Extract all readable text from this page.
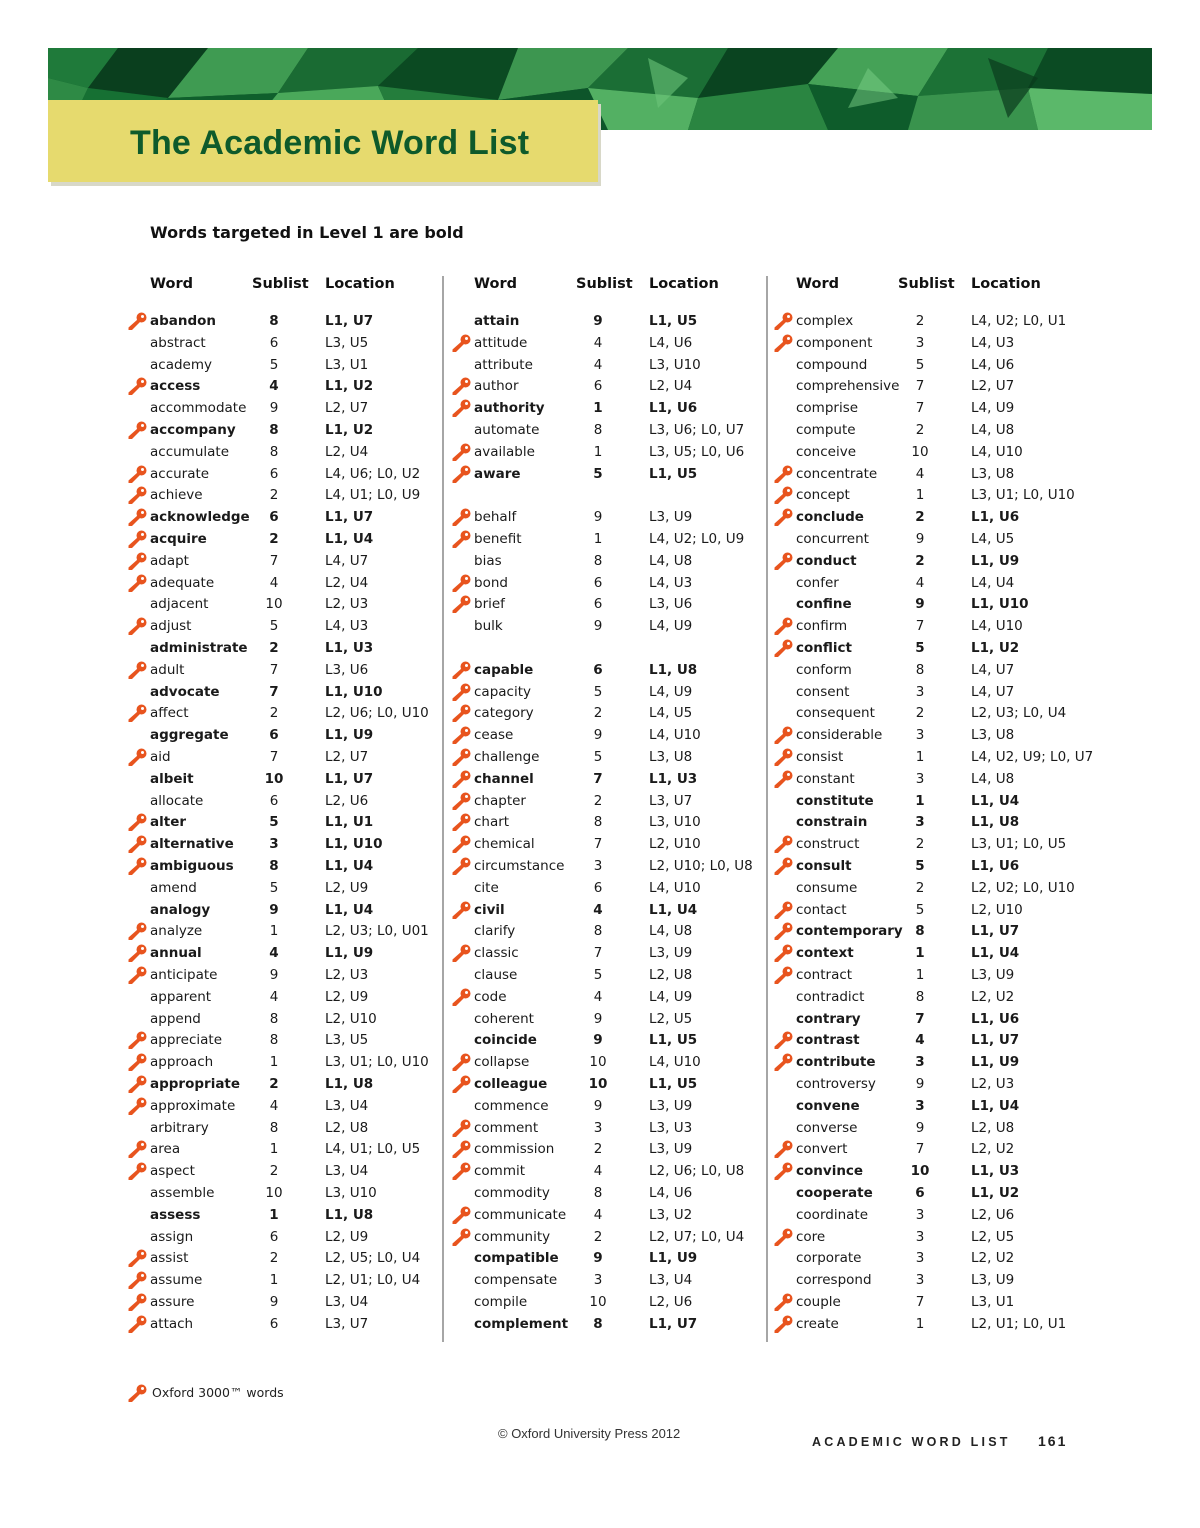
The Academic Word List
Words targeted in Level 1 are bold
Word	Sublist Location
abandon	8	L1, U7
abstract	6	L3, U5
academy	5	L3, U1
access	4	L1, U2
accommodate	9	L2, U7
accompany	8	L1, U2
accumulate	8	L2, U4
accurate	6	L4, U6; L0, U2
achieve	2	L4, U1; L0, U9
acknowledge	6	L1, U7
acquire	2	L1, U4
adapt	7	L4, U7
adequate	4	L2, U4
adjacent	10	L2, U3
adjust	5	L4, U3
administrate	2	L1, U3
adult	7	L3, U6
advocate	7	L1, U10
affect	2	L2, U6; L0, U10
aggregate	6	L1, U9
aid	7	L2, U7
albeit	10	L1, U7
allocate	6	L2, U6
alter	5	L1, U1
alternative	3	L1, U10
ambiguous	8	L1, U4
amend	5	L2, U9
analogy	9	L1, U4
analyze	1	L2, U3; L0, U01
annual	4	L1, U9
anticipate	9	L2, U3
apparent	4	L2, U9
append	8	L2, U10
appreciate	8	L3, U5
approach	1	L3, U1; L0, U10
appropriate	2	L1, U8
approximate	4	L3, U4
arbitrary	8	L2, U8
area	1	L4, U1; L0, U5
aspect	2	L3, U4
assemble	10	L3, U10
assess	1	L1, U8
assign	6	L2, U9
assist	2	L2, U5; L0, U4
assume	1	L2, U1; L0, U4
assure	9	L3, U4
attach	6	L3, U7
Word	Sublist Location
attain	9	L1, U5
attitude	4	L4, U6
attribute	4	L3, U10
author	6	L2, U4
authority	1	L1, U6
automate	8	L3, U6; L0, U7
available	1	L3, U5; L0, U6
aware	5	L1, U5
behalf	9	L3, U9
benefit	1	L4, U2; L0, U9
bias	8	L4, U8
bond	6	L4, U3
brief	6	L3, U6
bulk	9	L4, U9
capable	6	L1, U8
capacity	5	L4, U9
category	2	L4, U5
cease	9	L4, U10
challenge	5	L3, U8
channel	7	L1, U3
chapter	2	L3, U7
chart	8	L3, U10
chemical	7	L2, U10
circumstance	3	L2, U10; L0, U8
cite	6	L4, U10
civil	4	L1, U4
clarify	8	L4, U8
classic	7	L3, U9
clause	5	L2, U8
code	4	L4, U9
coherent	9	L2, U5
coincide	9	L1, U5
collapse	10	L4, U10
colleague	10	L1, U5
commence	9	L3, U9
comment	3	L3, U3
commission	2	L3, U9
commit	4	L2, U6; L0, U8
commodity	8	L4, U6
communicate	4	L3, U2
community	2	L2, U7; L0, U4
compatible	9	L1, U9
compensate	3	L3, U4
compile	10	L2, U6
complement	8	L1, U7
Word	Sublist Location
complex	2	L4, U2; L0, U1
component	3	L4, U3
compound	5	L4, U6
comprehensive	7	L2, U7
comprise	7	L4, U9
compute	2	L4, U8
conceive	10	L4, U10
concentrate	4	L3, U8
concept	1	L3, U1; L0, U10
conclude	2	L1, U6
concurrent	9	L4, U5
conduct	2	L1, U9
confer	4	L4, U4
confine	9	L1, U10
confirm	7	L4, U10
conflict	5	L1, U2
conform	8	L4, U7
consent	3	L4, U7
consequent	2	L2, U3; L0, U4
considerable	3	L3, U8
consist	1	L4, U2, U9; L0, U7
constant	3	L4, U8
constitute	1	L1, U4
constrain	3	L1, U8
construct	2	L3, U1; L0, U5
consult	5	L1, U6
consume	2	L2, U2; L0, U10
contact	5	L2, U10
contemporary 8	L1, U7
context	1	L1, U4
contract	1	L3, U9
contradict	8	L2, U2
contrary	7	L1, U6
contrast	4	L1, U7
contribute	3	L1, U9
controversy	9	L2, U3
convene	3	L1, U4
converse	9	L2, U8
convert	7	L2, U2
convince	10	L1, U3
cooperate	6	L1, U2
coordinate	3	L2, U6
core	3	L2, U5
corporate	3	L2, U2
correspond	3	L3, U9
couple	7	L3, U1
create	1	L2, U1; L0, U1
Oxford 3000™ words
© Oxford University Press 2012
ACADEMIC WORD LIST 161
